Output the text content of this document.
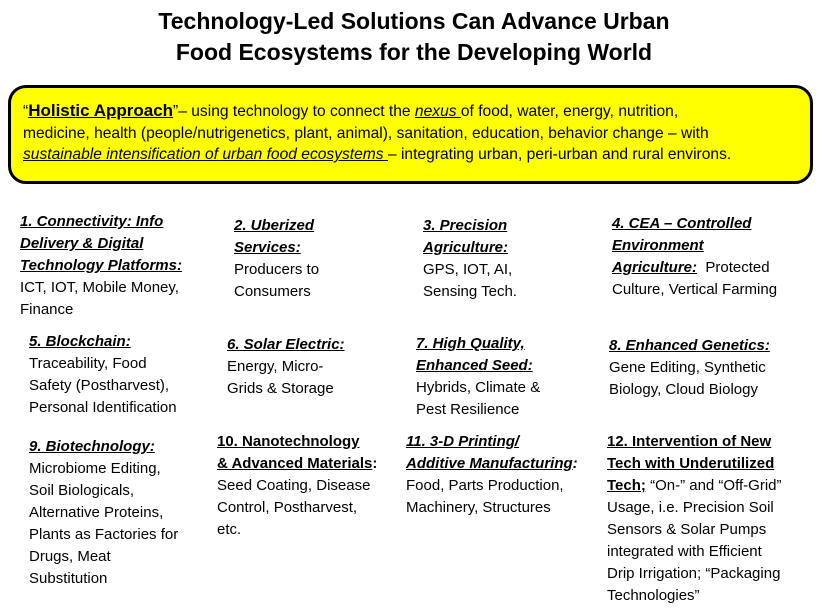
Technology-Led Solutions Can Advance Urban
Food Ecosystems for the Developing World
“Holistic Approach”– using technology to connect the nexus of food, water, energy, nutrition,
medicine, health (people/nutrigenetics, plant, animal), sanitation, education, behavior change – with
sustainable intensification of urban food ecosystems – integrating urban, peri-urban and rural environs.
1. Connectivity: Info
Delivery & Digital
Technology Platforms:
ICT, IOT, Mobile Money,
Finance
2. Uberized
Services:
Producers to
Consumers
3. Precision
Agriculture:
GPS, IOT, AI,
Sensing Tech.
4. CEA – Controlled
Environment
Agriculture:  Protected
Culture, Vertical Farming
5. Blockchain:
Traceability, Food
Safety (Postharvest),
Personal Identification
6. Solar Electric:
Energy, Micro-
Grids & Storage
7. High Quality,
Enhanced Seed:
Hybrids, Climate &
Pest Resilience
8. Enhanced Genetics:
Gene Editing, Synthetic
Biology, Cloud Biology
9. Biotechnology:
Microbiome Editing,
Soil Biologicals,
Alternative Proteins,
Plants as Factories for
Drugs, Meat
Substitution
10. Nanotechnology
& Advanced Materials:
Seed Coating, Disease
Control, Postharvest,
etc.
11. 3-D Printing/
Additive Manufacturing:
Food, Parts Production,
Machinery, Structures
12. Intervention of New
Tech with Underutilized
Tech; “On-” and “Off-Grid”
Usage, i.e. Precision Soil
Sensors & Solar Pumps
integrated with Efficient
Drip Irrigation; “Packaging
Technologies”
